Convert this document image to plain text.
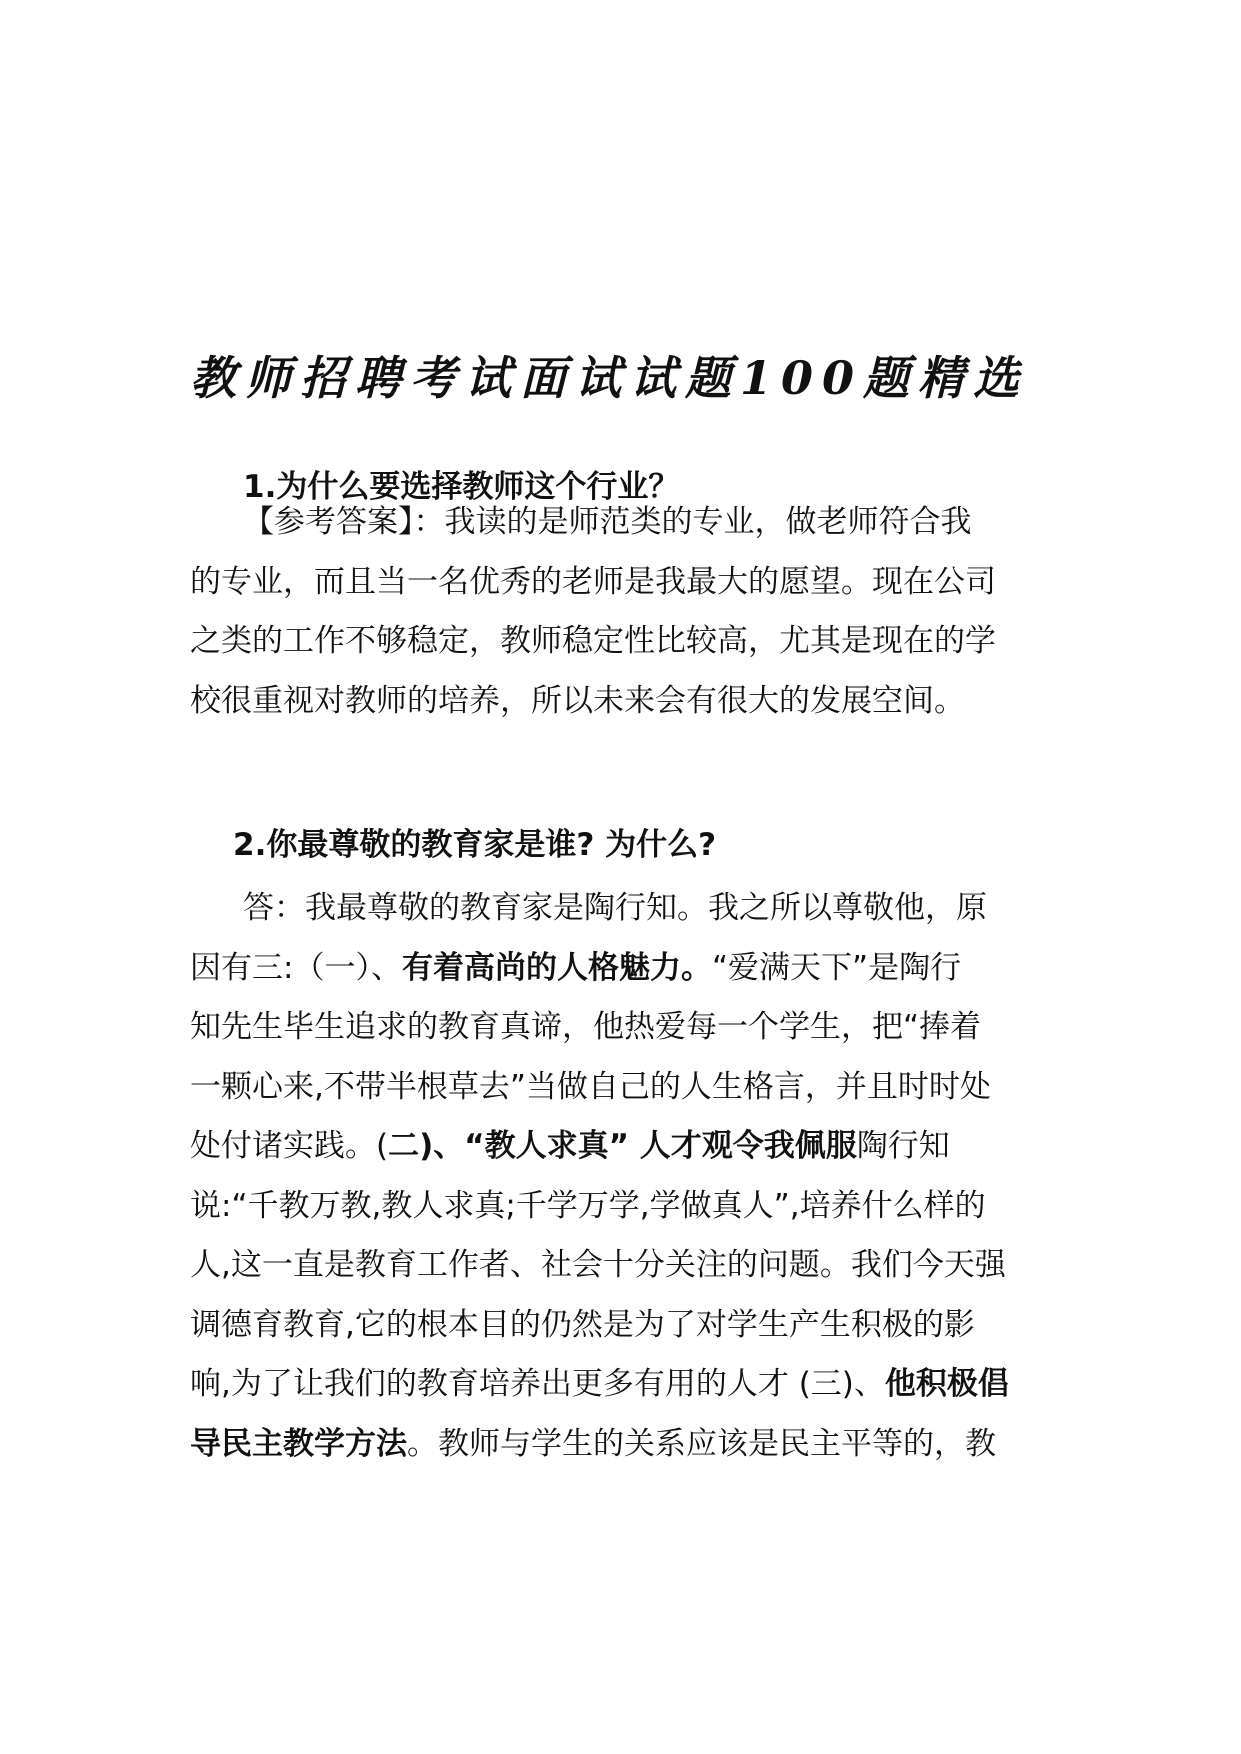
教师招聘考试面试试题100题精选
1.为什么要选择教师这个行业？
【参考答案】：我读的是师范类的专业，做老师符合我
的专业，而且当一名优秀的老师是我最大的愿望。现在公司
之类的工作不够稳定，教师稳定性比较高，尤其是现在的学
校很重视对教师的培养，所以未来会有很大的发展空间。
2.你最尊敬的教育家是谁? 为什么?
答：我最尊敬的教育家是陶行知。我之所以尊敬他，原
因有三:（一）、有着高尚的人格魅力。“爱满天下”是陶行
知先生毕生追求的教育真谛，他热爱每一个学生，把“捧着
一颗心来,不带半根草去”当做自己的人生格言，并且时时处
处付诸实践。(二)、“教人求真” 人才观令我佩服陶行知
说:“千教万教,教人求真;千学万学,学做真人”,培养什么样的
人,这一直是教育工作者、社会十分关注的问题。我们今天强
调德育教育,它的根本目的仍然是为了对学生产生积极的影
响,为了让我们的教育培养出更多有用的人才 (三)、他积极倡
导民主教学方法。教师与学生的关系应该是民主平等的，教
